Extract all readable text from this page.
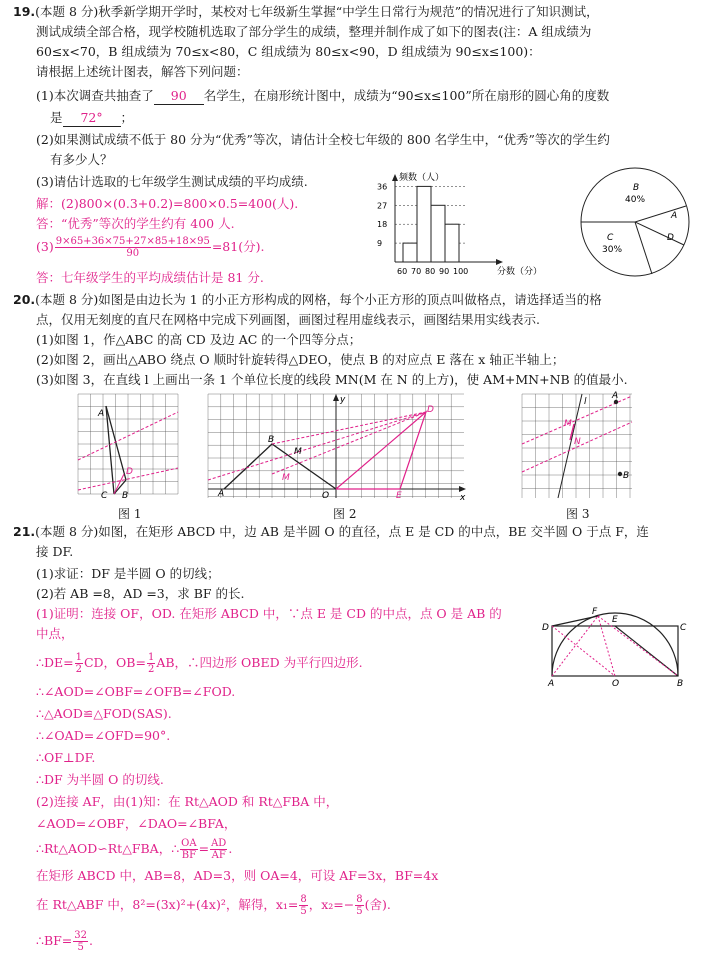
19.(本题 8 分)秋季新学期开学时，某校对七年级新生掌握“中学生日常行为规范”的情况进行了知识测试，
测试成绩全部合格，现学校随机选取了部分学生的成绩，整理并制作成了如下的图表(注：A 组成绩为
60≤x<70，B 组成绩为 70≤x<80，C 组成绩为 80≤x<90，D 组成绩为 90≤x≤100)：
请根据上述统计图表，解答下列问题：
(1)本次调查共抽查了 90 名学生，在扇形统计图中，成绩为“90≤x≤100”所在扇形的圆心角的度数
是 72° ；
(2)如果测试成绩不低于 80 分为“优秀”等次，请估计全校七年级的 800 名学生中，“优秀”等次的学生约
有多少人？
(3)请估计选取的七年级学生测试成绩的平均成绩.
解：(2)800×(0.3+0.2)=800×0.5=400(人).
答：“优秀”等次的学生约有 400 人.
$(3) \frac{9\times 65+36\times 75+27\times 85+18\times 95}{90} =81$(分).
答：七年级学生的平均成绩估计是 81 分.
频数（人）
分数（分）
9
18
27
36
60 70 80 90 100
B
40%
C
30%
A
D
20.(本题 8 分)如图是由边长为 1 的小正方形构成的网格，每个小正方形的顶点叫做格点，请选择适当的格
点，仅用无刻度的直尺在网格中完成下列画图，画图过程用虚线表示，画图结果用实线表示.
(1)如图 1，作△ABC 的高 CD 及边 AC 的一个四等分点；
(2)如图 2，画出△ABO 绕点 O 顺时针旋转得△DEO，使点 B 的对应点 E 落在 x 轴正半轴上；
(3)如图 3，在直线 l 上画出一条 1 个单位长度的线段 MN(M 在 N 的上方)，使 AM+MN+NB 的值最小.
A
C B
D
图 1
y
x
B
M
O	E
D
A
M
图 2
l
A
M
N
B
图 3
21.(本题 8 分)如图，在矩形 ABCD 中，边 AB 是半圆 O 的直径，点 E 是 CD 的中点，BE 交半圆 O 于点 F，连
接 DF.
(1)求证：DF 是半圆 O 的切线；
(2)若 AB =8，AD =3，求 BF 的长.
(1)证明：连接 OF，OD. 在矩形 ABCD 中，∵点 E 是 CD 的中点，点 O 是 AB 的
中点，
∴DE= $\frac{1}{2}$ CD，$OB= \frac{1}{2}$ AB，∴四边形 OBED 为平行四边形.
∴∠AOD=∠OBF=∠OFB=∠FOD.
∴△AOD≌△FOD(SAS).
∴∠OAD=∠OFD=90°.
∴OF⊥DF.
∴DF 为半圆 O 的切线.
(2)连接 AF，由(1)知：在 Rt△AOD 和 Rt△FBA 中，
∠AOD=∠OBF，∠DAO=∠BFA，
∴Rt△AOD∽Rt△FBA，∴ $\frac{OA}{BF} = \frac{AD}{AF}$ .
在矩形 ABCD 中，AB=8，AD=3，则 OA=4，可设 AF=3x，BF=4x
在 Rt△ABF 中，8²=(3x)²+(4x)²，解得，$x_1= \frac{8}{5}$ ，$x_2=- \frac{8}{5}$ (舍).
∴BF= $\frac{32}{5}$ .
D
E
F
C
A	O	B
